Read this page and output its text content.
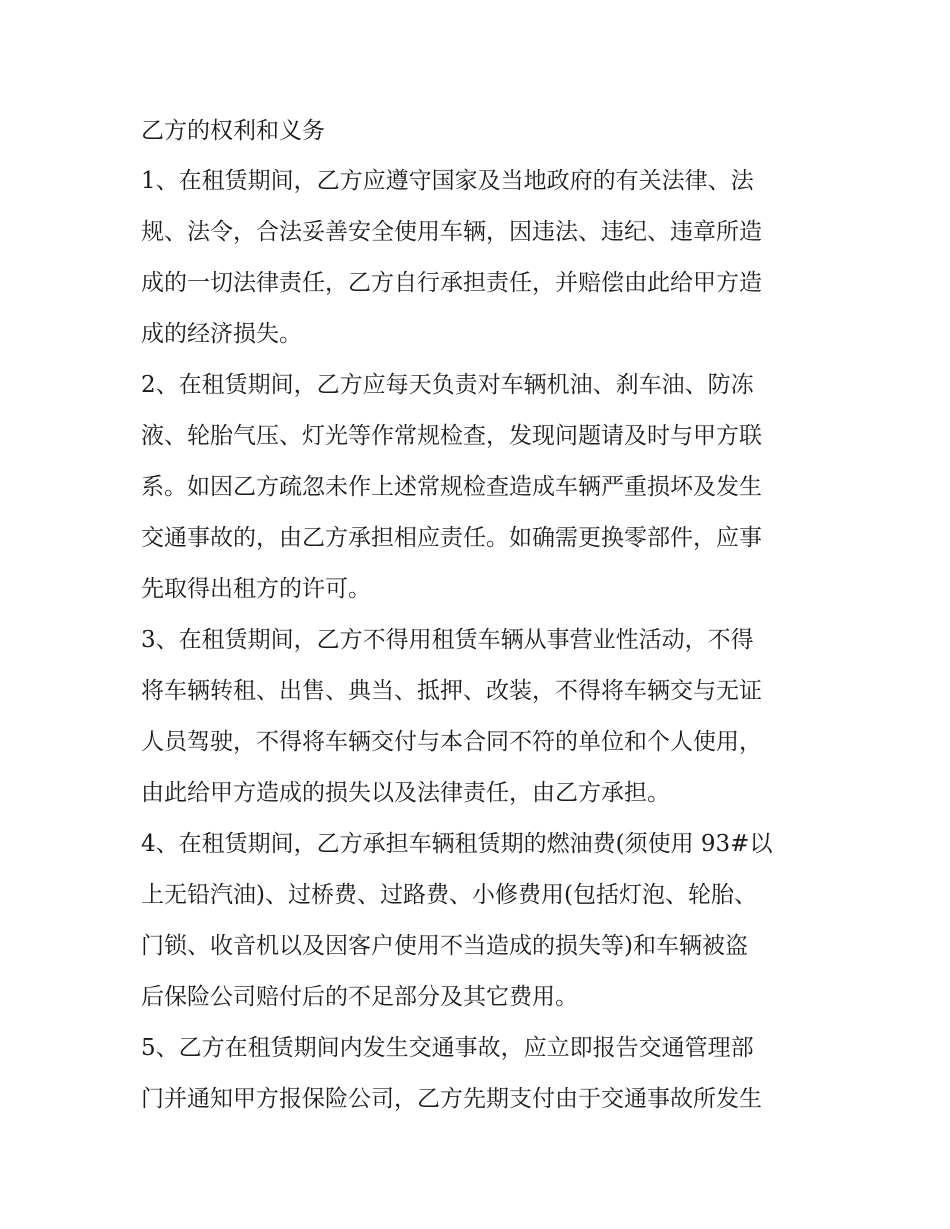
乙方的权利和义务
1、在租赁期间，乙方应遵守国家及当地政府的有关法律、法
规、法令，合法妥善安全使用车辆，因违法、违纪、违章所造
成的一切法律责任，乙方自行承担责任，并赔偿由此给甲方造
成的经济损失。
2、在租赁期间，乙方应每天负责对车辆机油、刹车油、防冻
液、轮胎气压、灯光等作常规检查，发现问题请及时与甲方联
系。如因乙方疏忽未作上述常规检查造成车辆严重损坏及发生
交通事故的，由乙方承担相应责任。如确需更换零部件，应事
先取得出租方的许可。
3、在租赁期间，乙方不得用租赁车辆从事营业性活动，不得
将车辆转租、出售、典当、抵押、改装，不得将车辆交与无证
人员驾驶，不得将车辆交付与本合同不符的单位和个人使用，
由此给甲方造成的损失以及法律责任，由乙方承担。
4、在租赁期间，乙方承担车辆租赁期的燃油费(须使用 93#以
上无铅汽油)、过桥费、过路费、小修费用(包括灯泡、轮胎、
门锁、收音机以及因客户使用不当造成的损失等)和车辆被盗
后保险公司赔付后的不足部分及其它费用。
5、乙方在租赁期间内发生交通事故，应立即报告交通管理部
门并通知甲方报保险公司，乙方先期支付由于交通事故所发生
